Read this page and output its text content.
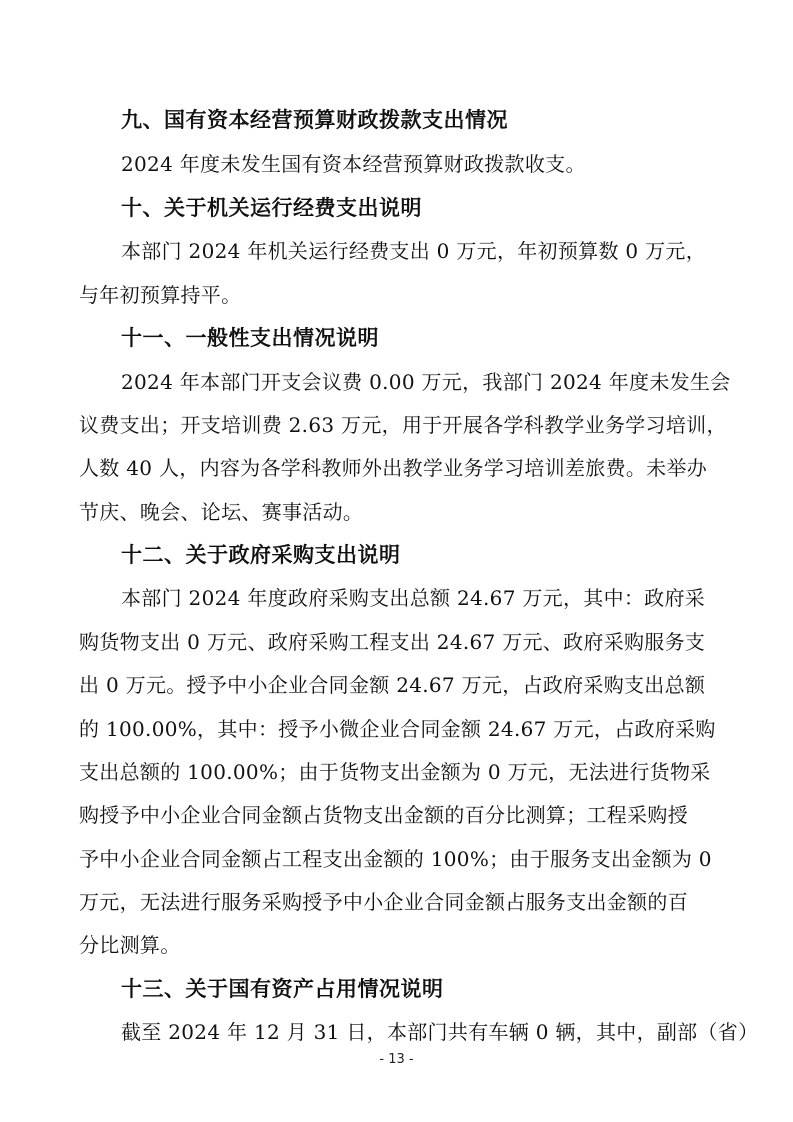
九、国有资本经营预算财政拨款支出情况
2024 年度未发生国有资本经营预算财政拨款收支。
十、关于机关运行经费支出说明
本部门 2024 年机关运行经费支出 0 万元，年初预算数 0 万元，
与年初预算持平。
十一、一般性支出情况说明
2024 年本部门开支会议费 0.00 万元，我部门 2024 年度未发生会
议费支出；开支培训费 2.63 万元，用于开展各学科教学业务学习培训，
人数 40 人，内容为各学科教师外出教学业务学习培训差旅费。未举办
节庆、晚会、论坛、赛事活动。
十二、关于政府采购支出说明
本部门 2024 年度政府采购支出总额 24.67 万元，其中：政府采
购货物支出 0 万元、政府采购工程支出 24.67 万元、政府采购服务支
出 0 万元。授予中小企业合同金额 24.67 万元，占政府采购支出总额
的 100.00%，其中：授予小微企业合同金额 24.67 万元，占政府采购
支出总额的 100.00%；由于货物支出金额为 0 万元，无法进行货物采
购授予中小企业合同金额占货物支出金额的百分比测算；工程采购授
予中小企业合同金额占工程支出金额的 100%；由于服务支出金额为 0
万元，无法进行服务采购授予中小企业合同金额占服务支出金额的百
分比测算。
十三、关于国有资产占用情况说明
截至 2024 年 12 月 31 日，本部门共有车辆 0 辆，其中，副部（省）
- 13 -
